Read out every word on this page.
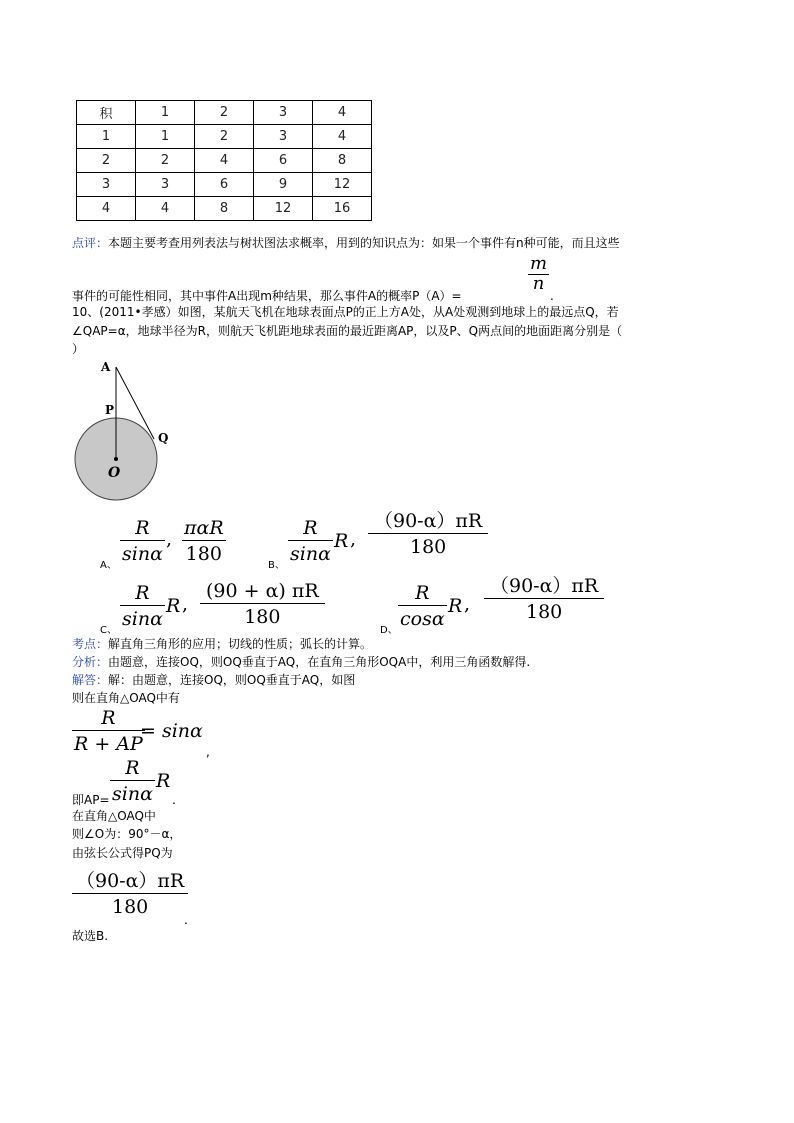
积	1	2	3	4
1	1	2	3	4
2	2	4	6	8
3	3	6	9	12
4	4	8	12	16
点评：本题主要考查用列表法与树状图法求概率，用到的知识点为：如果一个事件有n种可能，而且这些
m
n
事件的可能性相同，其中事件A出现m种结果，那么事件A的概率P（A）=	.
10、(2011•孝感）如图，某航天飞机在地球表面点P的正上方A处，从A处观测到地球上的最远点Q，若
∠QAP=α，地球半径为R，则航天飞机距地球表面的最近距离AP，以及P、Q两点间的地面距离分别是（
）
A
P
Q
O
A、
R
sinα
, παR
180
B、
R
sinα
R ,
（90-α）πR
180
C、
R
sinα
R ,
(90 + α) πR
180
D、
R
cosα
R ,
（90-α）πR
180
考点：解直角三角形的应用；切线的性质；弧长的计算。
分析：由题意，连接OQ，则OQ垂直于AQ，在直角三角形OQA中，利用三角函数解得.
解答：解：由题意，连接OQ，则OQ垂直于AQ，如图
则在直角△OAQ中有
R
R + AP
= sinα
,
即AP=
R
sinα
R
.
在直角△OAQ中
则∠O为：90°－α，
由弦长公式得PQ为
（90-α）πR
180
.
故选B.
